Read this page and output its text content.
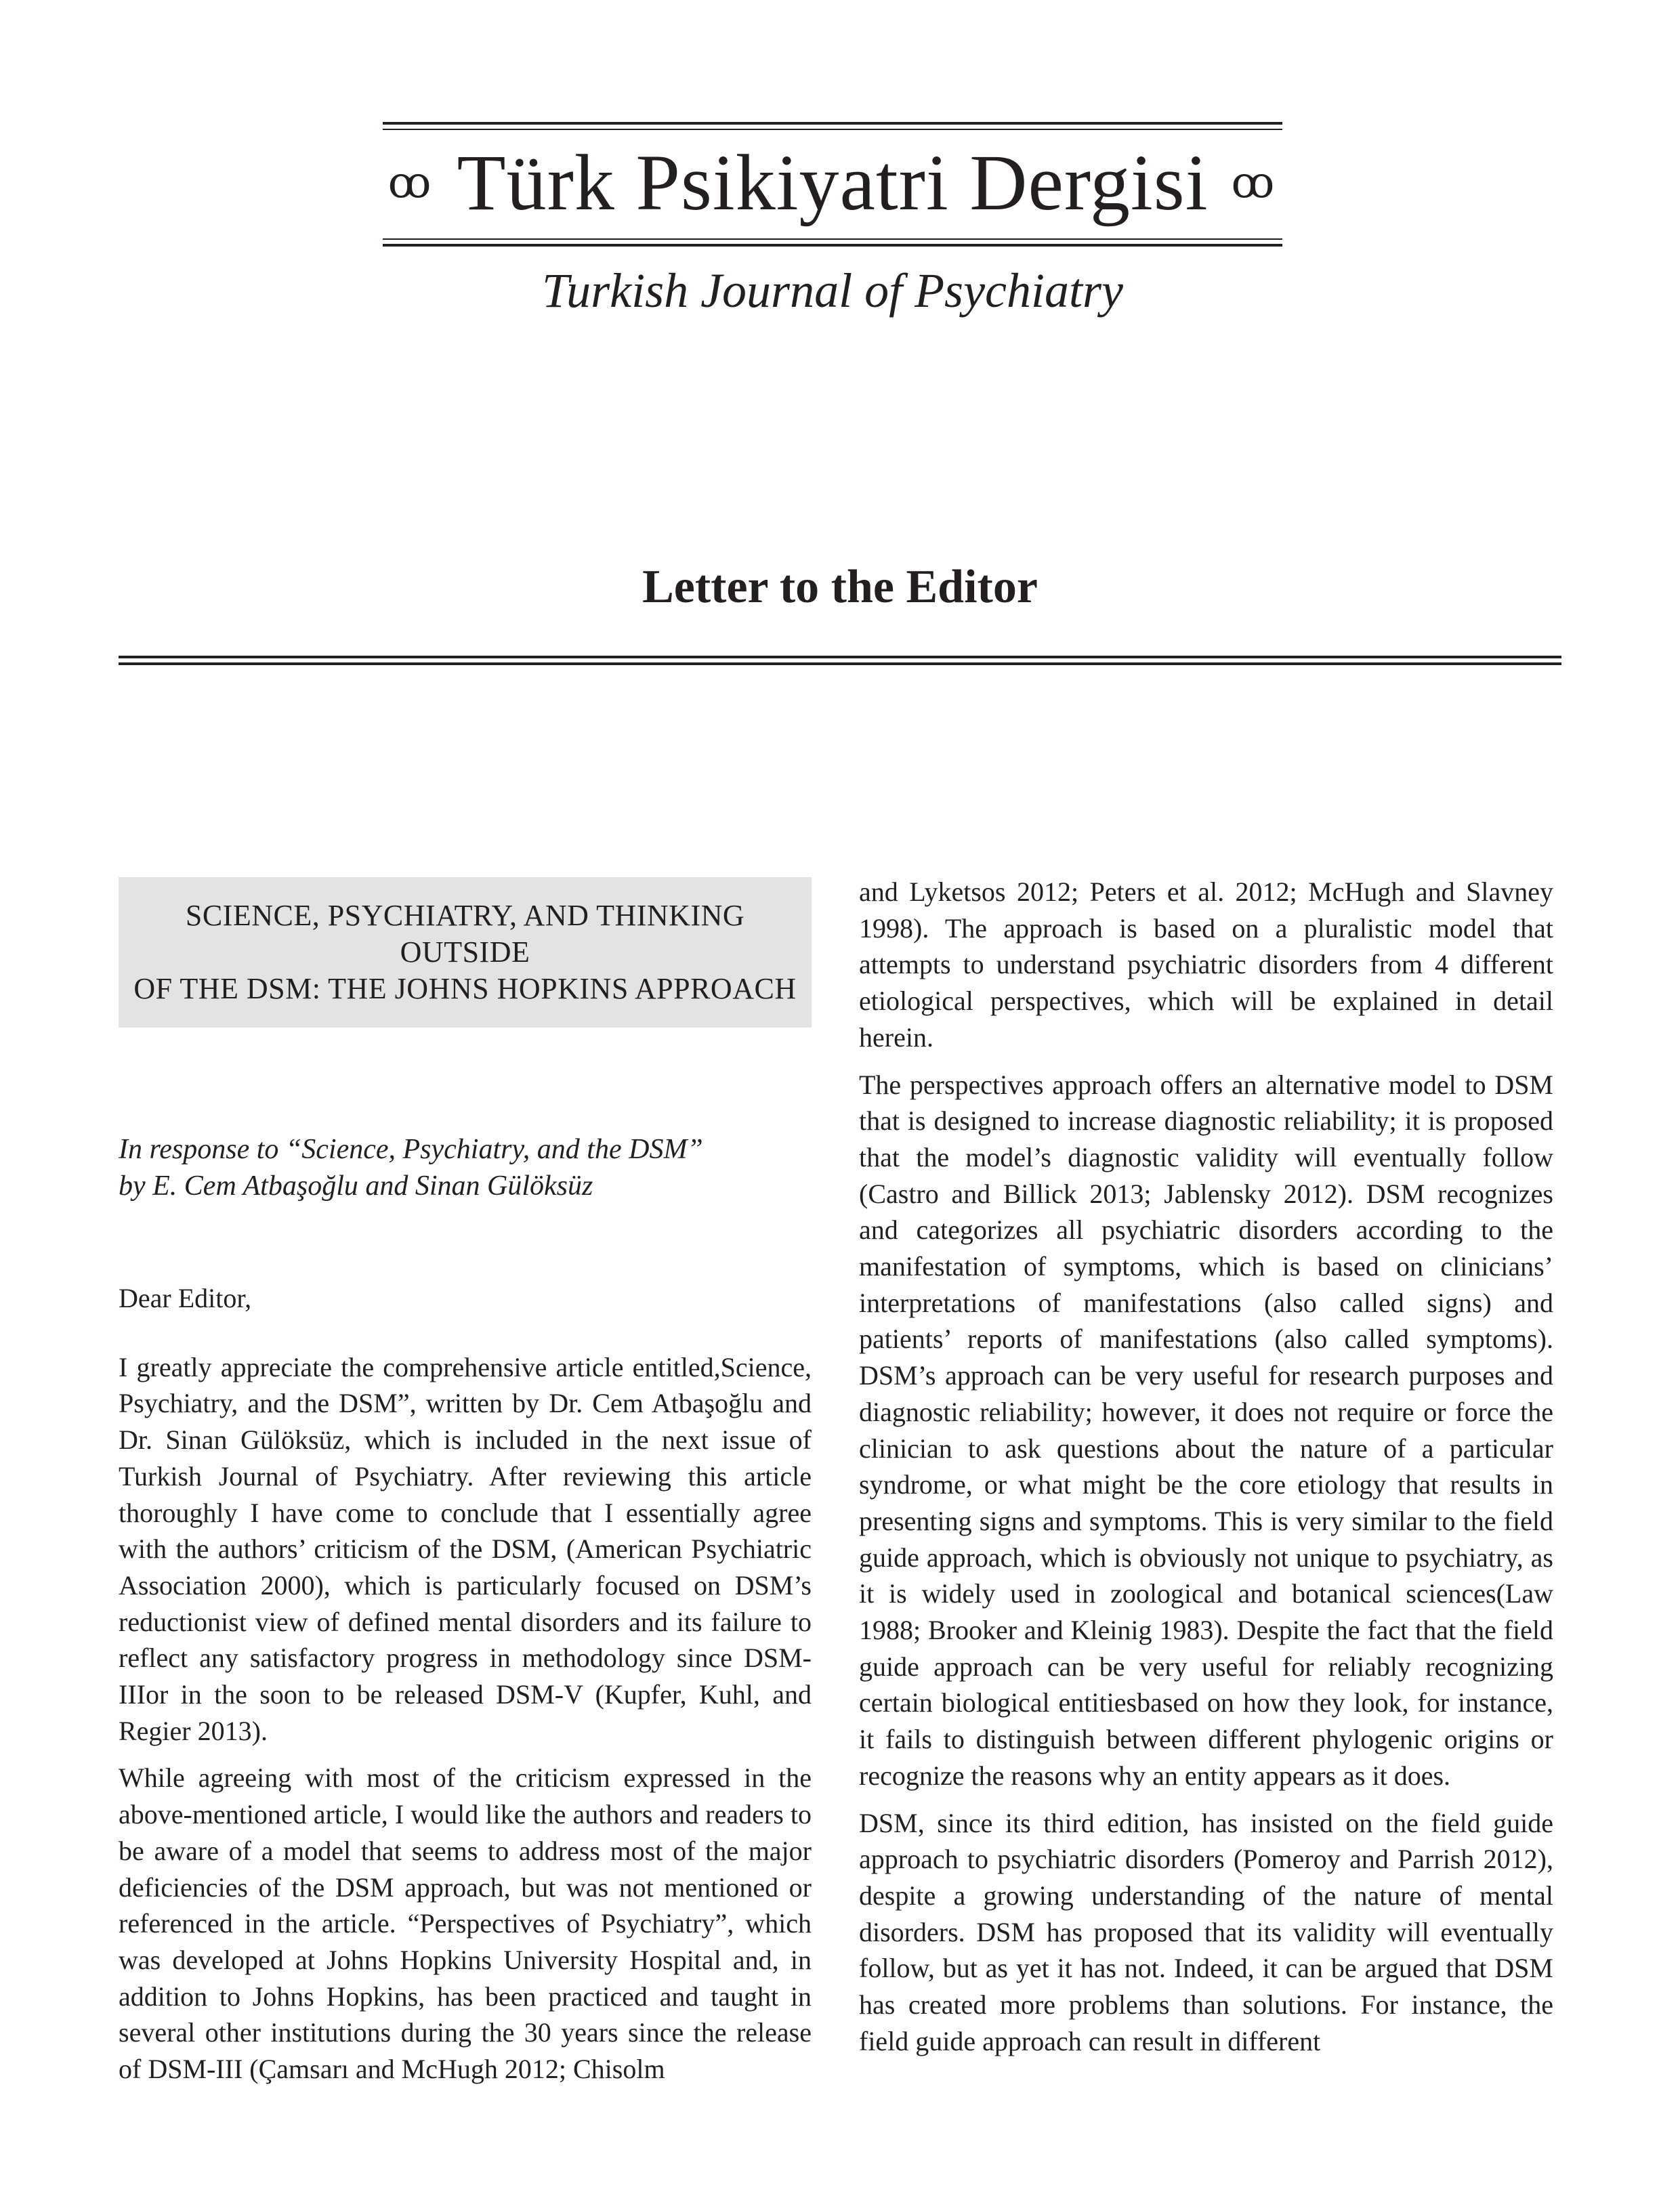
ꝏ Türk Psikiyatri Dergisi ꝏ
Turkish Journal of Psychiatry
Letter to the Editor
SCIENCE, PSYCHIATRY, AND THINKING OUTSIDE
OF THE DSM: THE JOHNS HOPKINS APPROACH
In response to “Science, Psychiatry, and the DSM”
by E. Cem Atbaşoğlu and Sinan Gülöksüz

Dear Editor,

I greatly appreciate the comprehensive article entitled,Science, Psychiatry, and the DSM”, written by Dr. Cem Atbaşoğlu and Dr. Sinan Gülöksüz, which is included in the next issue of Turkish Journal of Psychiatry. After reviewing this article thoroughly I have come to conclude that I essentially agree with the authors’ criticism of the DSM, (American Psychiatric Association 2000), which is particularly focused on DSM’s reductionist view of defined mental disorders and its failure to reflect any satisfactory progress in methodology since DSM-IIIor in the soon to be released DSM-V (Kupfer, Kuhl, and Regier 2013).

While agreeing with most of the criticism expressed in the above-mentioned article, I would like the authors and readers to be aware of a model that seems to address most of the major deficiencies of the DSM approach, but was not mentioned or referenced in the article. “Perspectives of Psychiatry”, which was developed at Johns Hopkins University Hospital and, in addition to Johns Hopkins, has been practiced and taught in several other institutions during the 30 years since the release of DSM-III (Çamsarı and McHugh 2012; Chisolm

and Lyketsos 2012; Peters et al. 2012; McHugh and Slavney 1998). The approach is based on a pluralistic model that attempts to understand psychiatric disorders from 4 different etiological perspectives, which will be explained in detail herein.

The perspectives approach offers an alternative model to DSM that is designed to increase diagnostic reliability; it is proposed that the model’s diagnostic validity will eventually follow (Castro and Billick 2013; Jablensky 2012). DSM recognizes and categorizes all psychiatric disorders according to the manifestation of symptoms, which is based on clinicians’ interpretations of manifestations (also called signs) and patients’ reports of manifestations (also called symptoms). DSM’s approach can be very useful for research purposes and diagnostic reliability; however, it does not require or force the clinician to ask questions about the nature of a particular syndrome, or what might be the core etiology that results in presenting signs and symptoms. This is very similar to the field guide approach, which is obviously not unique to psychiatry, as it is widely used in zoological and botanical sciences(Law 1988; Brooker and Kleinig 1983). Despite the fact that the field guide approach can be very useful for reliably recognizing certain biological entitiesbased on how they look, for instance, it fails to distinguish between different phylogenic origins or recognize the reasons why an entity appears as it does.

DSM, since its third edition, has insisted on the field guide approach to psychiatric disorders (Pomeroy and Parrish 2012), despite a growing understanding of the nature of mental disorders. DSM has proposed that its validity will eventually follow, but as yet it has not. Indeed, it can be argued that DSM has created more problems than solutions. For instance, the field guide approach can result in different
